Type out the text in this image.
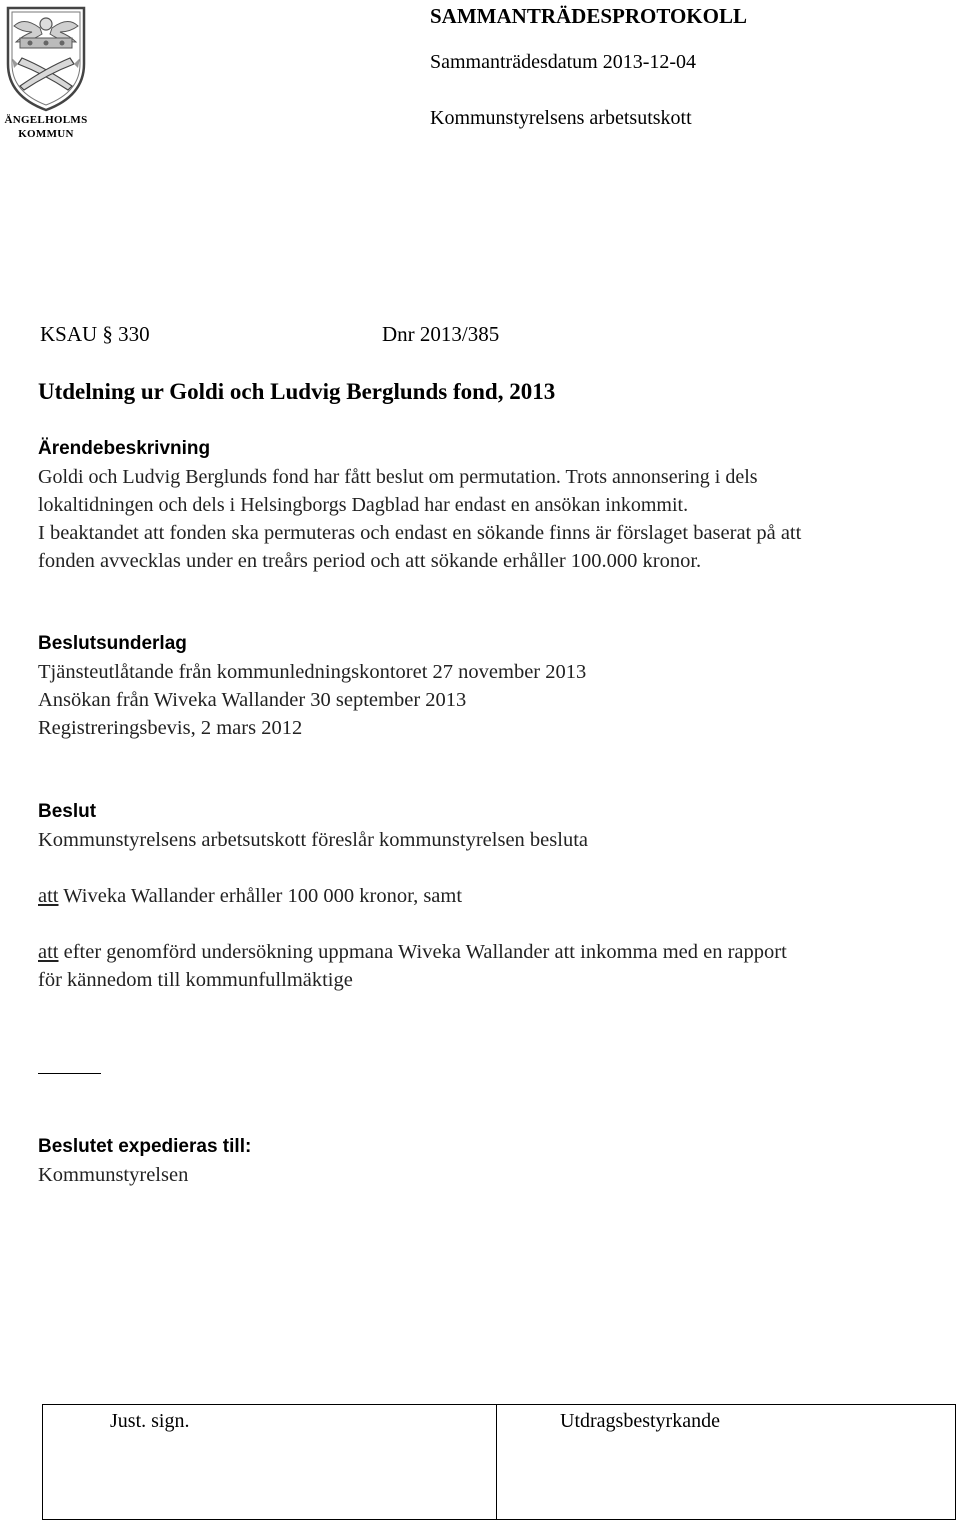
ÄNGELHOLMS
KOMMUN
SAMMANTRÄDESPROTOKOLL
Sammanträdesdatum 2013-12-04
Kommunstyrelsens arbetsutskott
KSAU § 330	Dnr 2013/385
Utdelning ur Goldi och Ludvig Berglunds fond, 2013
Ärendebeskrivning
Goldi och Ludvig Berglunds fond har fått beslut om permutation. Trots annonsering i dels
lokaltidningen och dels i Helsingborgs Dagblad har endast en ansökan inkommit.
I beaktandet att fonden ska permuteras och endast en sökande finns är förslaget baserat på att
fonden avvecklas under en treårs period och att sökande erhåller 100.000 kronor.
Beslutsunderlag
Tjänsteutlåtande från kommunledningskontoret 27 november 2013
Ansökan från Wiveka Wallander 30 september 2013
Registreringsbevis, 2 mars 2012
Beslut
Kommunstyrelsens arbetsutskott föreslår kommunstyrelsen besluta
att Wiveka Wallander erhåller 100 000 kronor, samt
att efter genomförd undersökning uppmana Wiveka Wallander att inkomma med en rapport
för kännedom till kommunfullmäktige
Beslutet expedieras till:
Kommunstyrelsen
Just. sign.	Utdragsbestyrkande
